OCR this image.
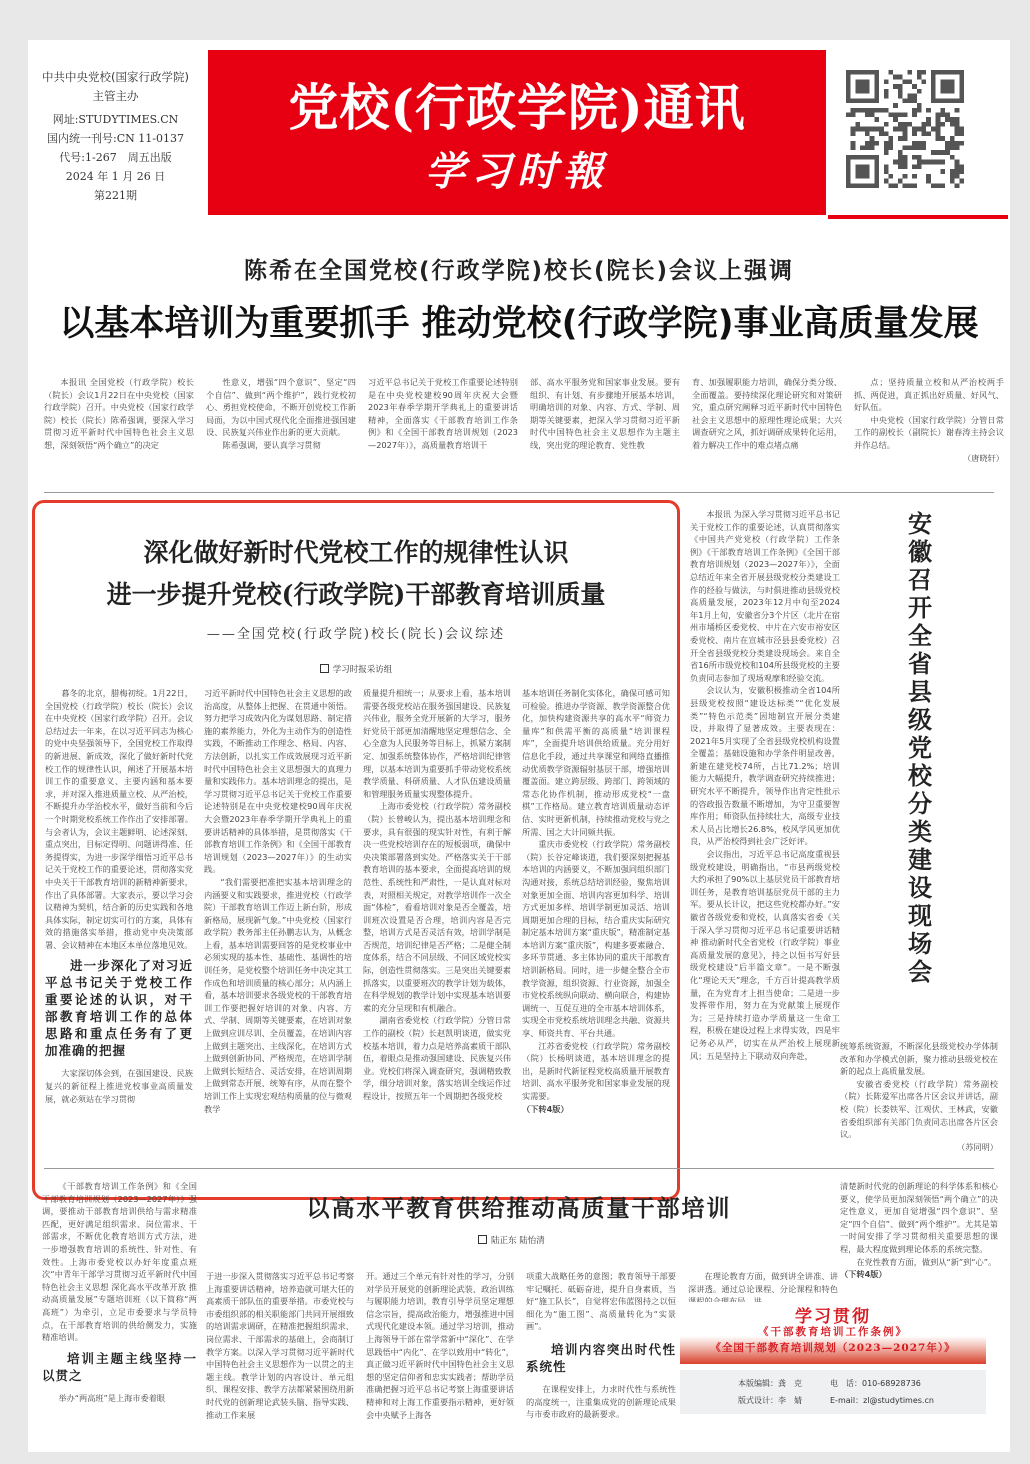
中共中央党校(国家行政学院)
主管主办
网址:STUDYTIMES.CN
国内统一刊号:CN 11-0137
代号:1-267　周五出版
2024 年 1 月 26 日
第221期
党校(行政学院)通讯
学习时報
陈希在全国党校(行政学院)校长(院长)会议上强调
以基本培训为重要抓手 推动党校(行政学院)事业高质量发展

本报讯 全国党校（行政学院）校长（院长）会议1月22日在中央党校（国家行政学院）召开。中央党校（国家行政学院）校长（院长）陈希强调，要深入学习贯彻习近平新时代中国特色社会主义思想，深刻领悟“两个确立”的决定

性意义，增强“四个意识”、坚定“四个自信”、做到“两个维护”，践行党校初心、勇担党校使命，不断开创党校工作新局面，为以中国式现代化全面推进强国建设、民族复兴伟业作出新的更大贡献。

陈希强调，要认真学习贯彻

习近平总书记关于党校工作重要论述特别是在中央党校建校90周年庆祝大会暨2023年春季学期开学典礼上的重要讲话精神，全面落实《干部教育培训工作条例》和《全国干部教育培训规划（2023—2027年）》，高质量教育培训干

部、高水平服务党和国家事业发展。要有组织、有计划、有步骤地开展基本培训，明确培训的对象、内容、方式、学制、周期等关键要素，把深入学习贯彻习近平新时代中国特色社会主义思想作为主题主线，突出党的理论教育、党性教

育、加强履职能力培训，确保分类分级、全面覆盖。要持续深化理论研究和对策研究，重点研究阐释习近平新时代中国特色社会主义思想中的原理性理论成果；大兴调查研究之风，抓好调研成果转化运用，着力解决工作中的难点堵点痛

点；坚持质量立校和从严治校两手抓、两促进，真正抓出好质量、好风气、好队伍。

中央党校（国家行政学院）分管日常工作的副校长（副院长）谢春涛主持会议并作总结。

（唐晓轩）
深化做好新时代党校工作的规律性认识
进一步提升党校(行政学院)干部教育培训质量
——全国党校(行政学院)校长(院长)会议综述
学习时报采访组

暮冬的北京，腊梅初绽。1月22日，全国党校（行政学院）校长（院长）会议在中央党校（国家行政学院）召开。会议总结过去一年来，在以习近平同志为核心的党中央坚强领导下，全国党校工作取得的新进展、新成效，深化了做好新时代党校工作的规律性认识，阐述了开展基本培训工作的重要意义、主要内涵和基本要求，并对深入推进质量立校、从严治校，不断提升办学治校水平，做好当前和今后一个时期党校系统工作作出了安排部署。与会者认为，会议主题鲜明、论述深刻、重点突出，目标定得明、问题讲得准、任务提得实，为进一步深学细悟习近平总书记关于党校工作的重要论述，贯彻落实党中央关于干部教育培训的新精神新要求，作出了具体部署。大家表示，要以学习会议精神为契机，结合新的历史实践和各地具体实际，制定切实可行的方案，具体有效的措施落实举措，推动党中央决策部署、会议精神在本地区本单位落地见效。

进一步深化了对习近平总书记关于党校工作重要论述的认识，对干部教育培训工作的总体思路和重点任务有了更加准确的把握

大家深切体会到，在强国建设、民族复兴的新征程上推进党校事业高质量发展，就必须站在学习贯彻

习近平新时代中国特色社会主义思想的政治高度，从整体上把握、在贯通中领悟。努力把学习成效内化为谋划思路、制定措施的素养能力，外化为主动作为的创造性实践，不断推动工作理念、格局、内容、方法创新，以扎实工作成效展现习近平新时代中国特色社会主义思想强大的真理力量和实践伟力。基本培训理念的提出，是学习贯彻习近平总书记关于党校工作重要论述特别是在中央党校建校90周年庆祝大会暨2023年春季学期开学典礼上的重要讲话精神的具体举措，是贯彻落实《干部教育培训工作条例》和《全国干部教育培训规划（2023—2027年）》的生动实践。

“我们需要把准把实基本培训理念的内涵要义和实践要求，推进党校（行政学院）干部教育培训工作迈上新台阶，形成新格局，展现新气象。”中央党校（国家行政学院）教务部主任孙鹏志认为，从概念上看，基本培训需要回答的是党校事业中必须实现的基本性、基础性、基调性的培训任务，是党校整个培训任务中决定其工作成色和培训质量的核心部分；从内涵上看，基本培训要求各级党校的干部教育培训工作要把握好培训的对象、内容、方式、学制、周期等关键要素，在培训对象上做到应训尽训、全员覆盖，在培训内容上做到主题突出、主线深化，在培训方式上做到创新协同、严格规范，在培训学制上做到长短结合、灵活安排，在培训周期上做到常态开展、统筹有序，从而在整个培训工作上实现宏观结构质量的位与微观教学

质量提升相统一；从要求上看，基本培训需要各级党校站在服务强国建设、民族复兴伟业，服务全党开展新的大学习，服务好党员干部更加清醒地坚定理想信念、全心全意为人民服务等目标上，抓紧方案制定、加强系统整体协作，严格培训纪律管理，以基本培训为重要抓手带动党校系统教学质量、科研质量、人才队伍建设质量和管理服务质量实现整体提升。

上海市委党校（行政学院）常务副校（院）长曾峻认为，提出基本培训理念和要求，具有很强的现实针对性，有利于解决一些党校培训存在的短板弱项，确保中央决策部署落到实处。严格落实关于干部教育培训的基本要求，全面提高培训的规范性、系统性和严肃性，一是认真对标对表，对照相关规定，对教学培训作一次全面“体检”，看看培训对象是否全覆盖，培训班次设置是否合理，培训内容是否完整，培训方式是否灵活有效，培训学制是否规范，培训纪律是否严格；二是健全制度体系，结合不同层级、不同区域党校实际，创造性贯彻落实。三是突出关键要素抓落实，以重要班次的教学计划为载体，在科学规划的教学计划中实现基本培训要素的充分呈现和有机融合。

湖南省委党校（行政学院）分管日常工作的副校（院）长赵凯明谈道，做实党校基本培训，着力点是培养高素质干部队伍，着眼点是推动强国建设、民族复兴伟业。党校们将深入调查研究，强调精致教学，细分培训对象，落实培训全线运作过程设计，按照五年一个周期把各级党校

基本培训任务制化实体化，确保可感可知可检验。推进办学资源、教学资源整合优化，加快构建资源共享的高水平“师资力量库”和供需平衡的高质量“培训课程库”，全面提升培训供给质量。充分用好信息化手段，通过共享课堂和网络直播推动优质教学资源辐射基层干部，增强培训覆盖面。建立跨层级、跨部门、跨领域的常态化协作机制，推动形成党校“一盘棋”工作格局。建立教育培训质量动态评估、实时更新机制，持续推动党校与党之所需、国之大计同频共振。

重庆市委党校（行政学院）常务副校（院）长谷定峰谈道，我们要深刻把握基本培训的内涵要义，不断加强同组织部门沟通对接，系统总结培训经验，聚焦培训对象更加全面、培训内容更加科学、培训方式更加多样、培训学制更加灵活、培训周期更加合理的目标，结合重庆实际研究制定基本培训方案“重庆版”，精准制定基本培训方案“重庆版”，构建多要素融合、多环节贯通、多主体协同的重庆干部教育培训新格局。同时，进一步健全整合全市教学资源，组织资源、行业资源，加强全市党校系统纵向联动、横向联合，构建协调统一、互促互进的全市基本培训体系，实现全市党校系统培训理念共融、资源共享、师资共育、平台共通。

江苏省委党校（行政学院）常务副校（院）长杨明谈道，基本培训理念的提出，是新时代新征程党校高质量开展教育培训、高水平服务党和国家事业发展的现实需要。

（下转4版）

本报讯 为深入学习贯彻习近平总书记关于党校工作的重要论述，认真贯彻落实《中国共产党党校（行政学院）工作条例》《干部教育培训工作条例》《全国干部教育培训规划（2023—2027年）》，全面总结近年来全省开展县级党校分类建设工作的经验与做法，与时俱进推动县级党校高质量发展，2023年12月中旬至2024年1月上旬，安徽省分3个片区（北片在宿州市埇桥区委党校、中片在六安市裕安区委党校、南片在宣城市泾县县委党校）召开全省县级党校分类建设现场会。来自全省16所市级党校和104所县级党校的主要负责同志参加了现场观摩和经验交流。

会议认为，安徽积极推动全省104所县级党校按照“建设达标类”“优化发展类”“特色示范类”因地制宜开展分类建设，并取得了显著成效。主要表现在：2021年5月实现了全省县级党校机构设置全覆盖；基础设施和办学条件明显改善，新建在建党校74所，占比71.2%；培训能力大幅提升，教学调查研究持续推进；研究水平不断提升，领导作出肯定性批示的咨政报告数量不断增加，为守卫重要智库作用；师资队伍持续壮大，高级专业技术人员占比增长26.8%，校风学风更加优良，从严治校得到社会广泛好评。

会议指出，习近平总书记高度重视县级党校建设，明确指出，“市县两级党校大约承担了90%以上基层党员干部教育培训任务，是教育培训基层党员干部的主力军。要从长计议，把这些党校都办好。”安徽省各级党委和党校，认真落实省委《关于深入学习贯彻习近平总书记重要讲话精神 推动新时代全省党校（行政学院）事业高质量发展的意见》，持之以恒书写好县级党校建设“后半篇文章”。一是不断强化“理论天天”理念，千方百计提高教学质量，在为党育才上担当使命；二是进一步发挥带作用，努力在为党献策上展现作为；三是持续打造办学质量这一生命工程，积极在建设过程上求得实效，四是牢记务必从严，切实在从严治校上展现新风；五是坚持上下联动双向奔赴，

安
徽
召
开
全
省
县
级
党
校
分
类
建
设
现
场
会

统筹系统资源，不断深化县级党校办学体制改革和办学模式创新，聚力推动县级党校在新的起点上高质量发展。

安徽省委党校（行政学院）常务副校（院）长陈爱军出席各片区会议并讲话，副校（院）长娄铁军、江观伏、王林武，安徽省委组织部有关部门负责同志出席各片区会议。

（苏同明）
以高水平教育供给推动高质量干部培训
陆正东 陆怡清

《干部教育培训工作条例》和《全国干部教育培训规划（2023—2027年）》强调，要推动干部教育培训供给与需求精准匹配，更好满足组织需求、岗位需求、干部需求，不断优化教育培训方式方法，进一步增强教育培训的系统性、针对性、有效性。上海市委党校以办好年度重点班次“中青年干部学习贯彻习近平新时代中国特色社会主义思想 深化高水平改革开放 推动高质量发展”专题培训班（以下简称“两高班”）为牵引，立足市委要求与学员特点，在干部教育培训的供给侧发力，实施精准培训。

培训主题主线坚持一以贯之

举办“两高班”是上海市委着眼

于进一步深入贯彻落实习近平总书记考察上海重要讲话精神，培养造就可堪大任的高素质干部队伍的重要举措。市委党校与市委组织部的相关职能部门共同开展细致的培训需求调研，在精准把握组织需求、岗位需求、干部需求的基础上，会商制订教学方案。以深入学习贯彻习近平新时代中国特色社会主义思想作为一以贯之的主题主线。教学计划的内容设计、单元组织、课程安排、教学方法都紧紧围绕用新时代党的创新理论武装头脑、指导实践、推动工作来展

开。通过三个单元有针对性的学习，分别对学员开展党的创新理论武装、政治训练与履职能力培训，教育引导学员坚定理想信念宗旨，提高政治能力，增强推进中国式现代化建设本领。通过学习培训，推动上海领导干部在常学常新中“深化”、在学思践悟中“内化”、在学以致用中“转化”，真正做习近平新时代中国特色社会主义思想的坚定信仰者和忠实实践者；帮助学员准确把握习近平总书记考察上海重要讲话精神和对上海工作重要指示精神，更好领会中央赋予上海各

项重大战略任务的意图；教育领导干部要牢记嘱托、砥砺奋进，提升自身素质，当好“施工队长”，自觉将宏伟蓝图持之以恒细化为“施工图”、高质量转化为“实景画”。

培训内容突出时代性系统性

在课程安排上，力求时代性与系统性的高度统一，注重集成党的创新理论成果与市委市政府的最新要求。

在理论教育方面，做到讲全讲准、讲深讲透。通过总论课程、分论课程和特色

清楚新时代党的创新理论的科学体系和核心要义，使学员更加深刻领悟“两个确立”的决定性意义，更加自觉增强“四个意识”、坚定“四个自信”、做到“两个维护”。尤其是第一时间安排了学习贯彻相关重要思想的课程，最大程度做到理论体系的系统完整。

在党性教育方面，做到从“新”到“心”。

（下转4版）
学习贯彻
《干部教育培训工作条例》
《全国干部教育培训规划（2023—2027年）》
本版编辑：龚　克	电　话：010-68928736
版式设计：李　婧	E-mail：zl@studytimes.cn
